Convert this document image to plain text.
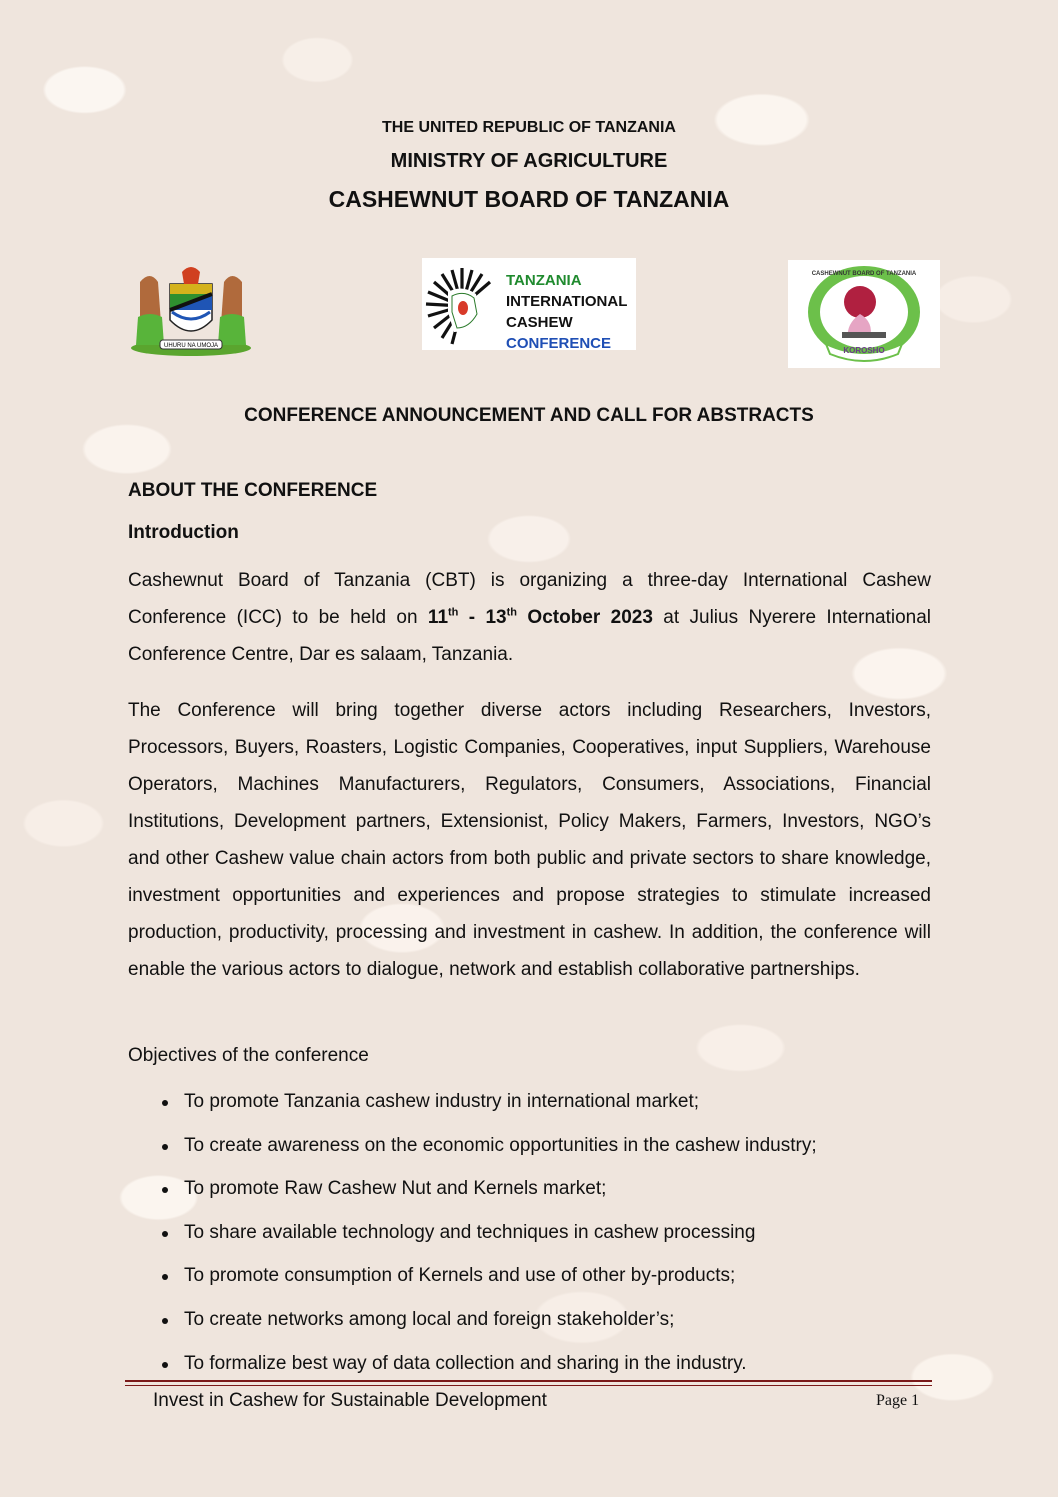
THE UNITED REPUBLIC OF TANZANIA
MINISTRY OF AGRICULTURE
CASHEWNUT BOARD OF TANZANIA
UHURU NA UMOJA
TANZANIA
INTERNATIONAL
CASHEW
CONFERENCE	KOROSHO
CASHEWNUT BOARD OF TANZANIA
CONFERENCE ANNOUNCEMENT AND CALL FOR ABSTRACTS
ABOUT THE CONFERENCE
Introduction
Cashewnut Board of Tanzania (CBT) is organizing a three-day International Cashew Conference (ICC) to be held on 11th - 13th October 2023 at Julius Nyerere International Conference Centre, Dar es salaam, Tanzania.
The Conference will bring together diverse actors including Researchers, Investors, Processors, Buyers, Roasters, Logistic Companies, Cooperatives, input Suppliers, Warehouse Operators, Machines Manufacturers, Regulators, Consumers, Associations, Financial Institutions, Development partners, Extensionist, Policy Makers, Farmers, Investors, NGO’s and other Cashew value chain actors from both public and private sectors to share knowledge, investment opportunities and experiences and propose strategies to stimulate increased production, productivity, processing and investment in cashew. In addition, the conference will enable the various actors to dialogue, network and establish collaborative partnerships.
Objectives of the conference
To promote Tanzania cashew industry in international market;
To create awareness on the economic opportunities in the cashew industry;
To promote Raw Cashew Nut and Kernels market;
To share available technology and techniques in cashew processing
To promote consumption of Kernels and use of other by-products;
To create networks among local and foreign stakeholder’s;
To formalize best way of data collection and sharing in the industry.
Invest in Cashew for Sustainable Development	Page 1
